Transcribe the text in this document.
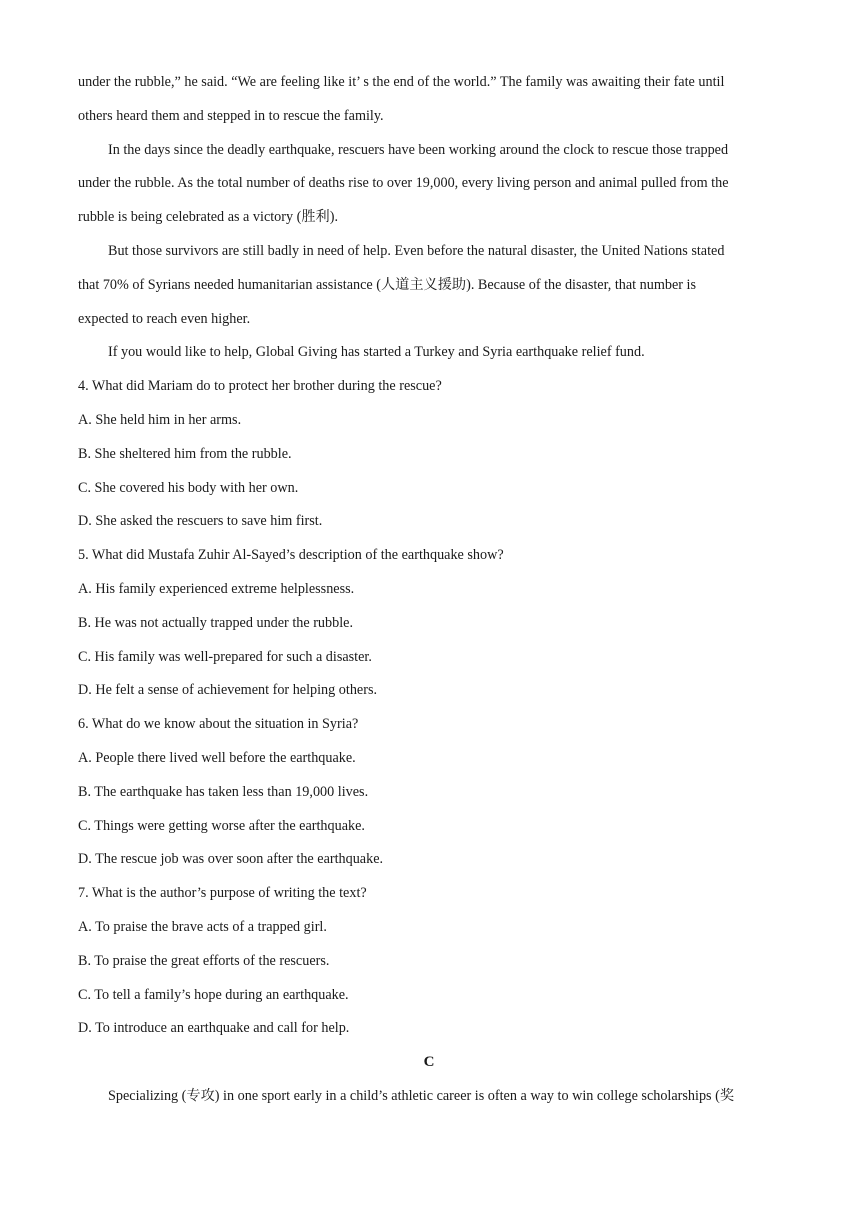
under the rubble,” he said. “We are feeling like it’ s the end of the world.” The family was awaiting their fate until
others heard them and stepped in to rescue the family.
In the days since the deadly earthquake, rescuers have been working around the clock to rescue those trapped
under the rubble. As the total number of deaths rise to over 19,000, every living person and animal pulled from the
rubble is being celebrated as a victory (胜利).
But those survivors are still badly in need of help. Even before the natural disaster, the United Nations stated
that 70% of Syrians needed humanitarian assistance (人道主义援助). Because of the disaster, that number is
expected to reach even higher.
If you would like to help, Global Giving has started a Turkey and Syria earthquake relief fund.
4. What did Mariam do to protect her brother during the rescue?
A. She held him in her arms.
B. She sheltered him from the rubble.
C. She covered his body with her own.
D. She asked the rescuers to save him first.
5. What did Mustafa Zuhir Al-Sayed’s description of the earthquake show?
A. His family experienced extreme helplessness.
B. He was not actually trapped under the rubble.
C. His family was well-prepared for such a disaster.
D. He felt a sense of achievement for helping others.
6. What do we know about the situation in Syria?
A. People there lived well before the earthquake.
B. The earthquake has taken less than 19,000 lives.
C. Things were getting worse after the earthquake.
D. The rescue job was over soon after the earthquake.
7. What is the author’s purpose of writing the text?
A. To praise the brave acts of a trapped girl.
B. To praise the great efforts of the rescuers.
C. To tell a family’s hope during an earthquake.
D. To introduce an earthquake and call for help.
C
Specializing (专攻) in one sport early in a child’s athletic career is often a way to win college scholarships (奖
